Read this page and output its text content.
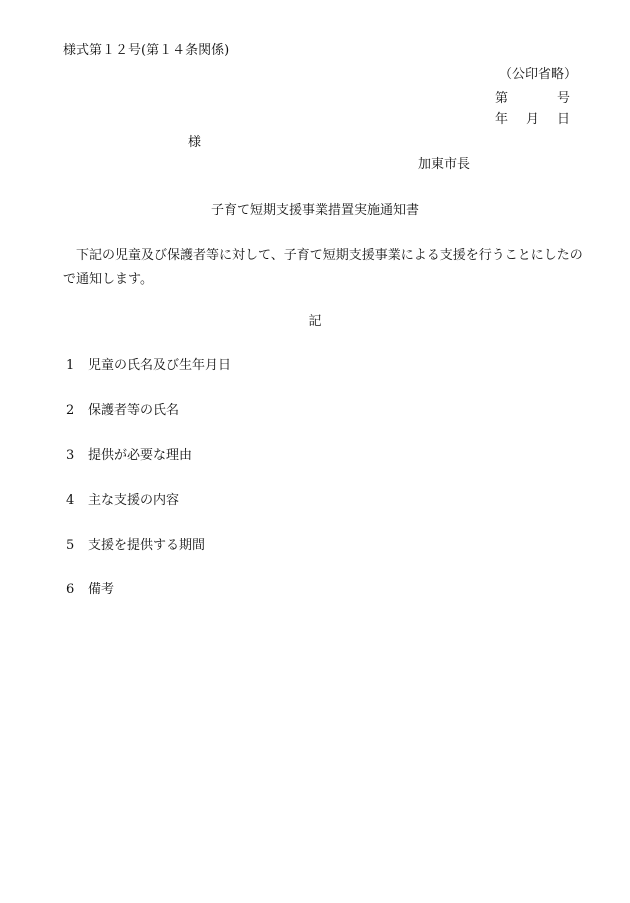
様式第１２号(第１４条関係)
（公印省略）
第	号
年 月 日
様
加東市長
子育て短期支援事業措置実施通知書
下記の児童及び保護者等に対して、子育て短期支援事業による支援を行うことにしたので通知します。
記
1 児童の氏名及び生年月日
2 保護者等の氏名
3 提供が必要な理由
4 主な支援の内容
5 支援を提供する期間
6 備考
